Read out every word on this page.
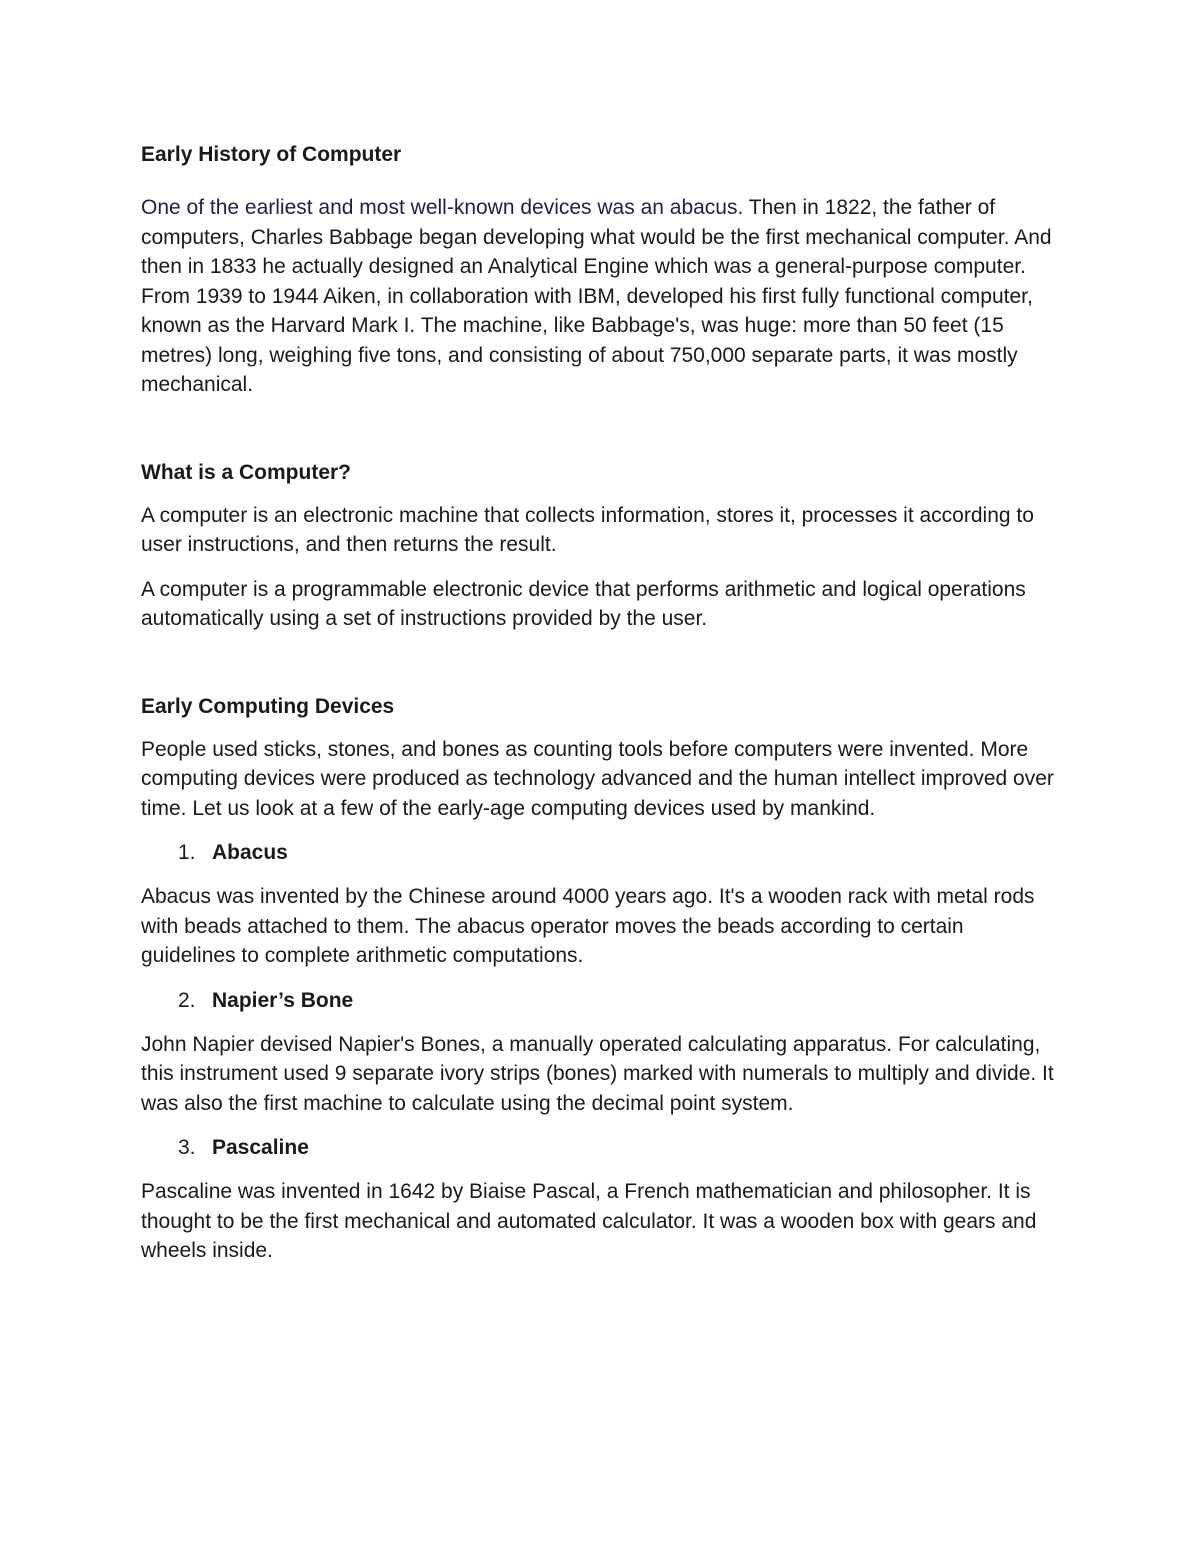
Early History of Computer

One of the earliest and most well-known devices was an abacus. Then in 1822, the father of computers, Charles Babbage began developing what would be the first mechanical computer. And then in 1833 he actually designed an Analytical Engine which was a general-purpose computer. From 1939 to 1944 Aiken, in collaboration with IBM, developed his first fully functional computer, known as the Harvard Mark I. The machine, like Babbage's, was huge: more than 50 feet (15 metres) long, weighing five tons, and consisting of about 750,000 separate parts, it was mostly mechanical.

What is a Computer?

A computer is an electronic machine that collects information, stores it, processes it according to user instructions, and then returns the result.

A computer is a programmable electronic device that performs arithmetic and logical operations automatically using a set of instructions provided by the user.

Early Computing Devices

People used sticks, stones, and bones as counting tools before computers were invented. More computing devices were produced as technology advanced and the human intellect improved over time. Let us look at a few of the early-age computing devices used by mankind.

1. Abacus

Abacus was invented by the Chinese around 4000 years ago. It's a wooden rack with metal rods with beads attached to them. The abacus operator moves the beads according to certain guidelines to complete arithmetic computations.

2. Napier’s Bone

John Napier devised Napier's Bones, a manually operated calculating apparatus. For calculating, this instrument used 9 separate ivory strips (bones) marked with numerals to multiply and divide. It was also the first machine to calculate using the decimal point system.

3. Pascaline

Pascaline was invented in 1642 by Biaise Pascal, a French mathematician and philosopher. It is thought to be the first mechanical and automated calculator. It was a wooden box with gears and wheels inside.
